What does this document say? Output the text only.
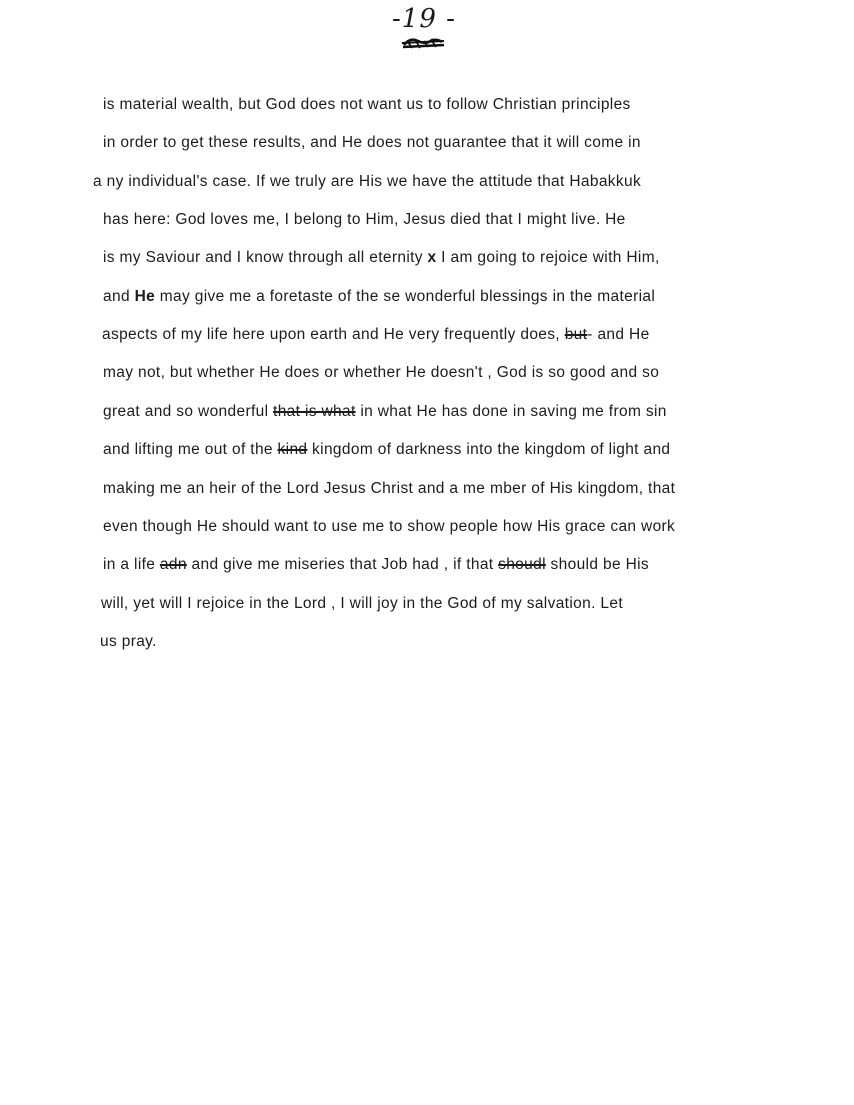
-19 -
is material wealth, but God does not want us to follow Christian principles
in order to get these results, and He does not guarantee that it will come in
a ny individual's case. If we truly are His we have the attitude that Habakkuk
has here: God loves me, I belong to Him, Jesus died that I might live. He
is my Saviour and I know through all eternity x I am going to rejoice with Him,
and He may give me a foretaste of the se wonderful blessings in the material
aspects of my life here upon earth and He very frequently does, but- and He
may not, but whether He does or whether He doesn't , God is so good and so
great and so wonderful that is what in what He has done in saving me from sin
and lifting me out of the kind kingdom of darkness into the kingdom of light and
making me an heir of the Lord Jesus Christ and a me mber of His kingdom, that
even though He should want to use me to show people how His grace can work
in a life adn and give me miseries that Job had , if that shoudl should be His
will, yet will I rejoice in the Lord , I will joy in the God of my salvation. Let
us pray.
